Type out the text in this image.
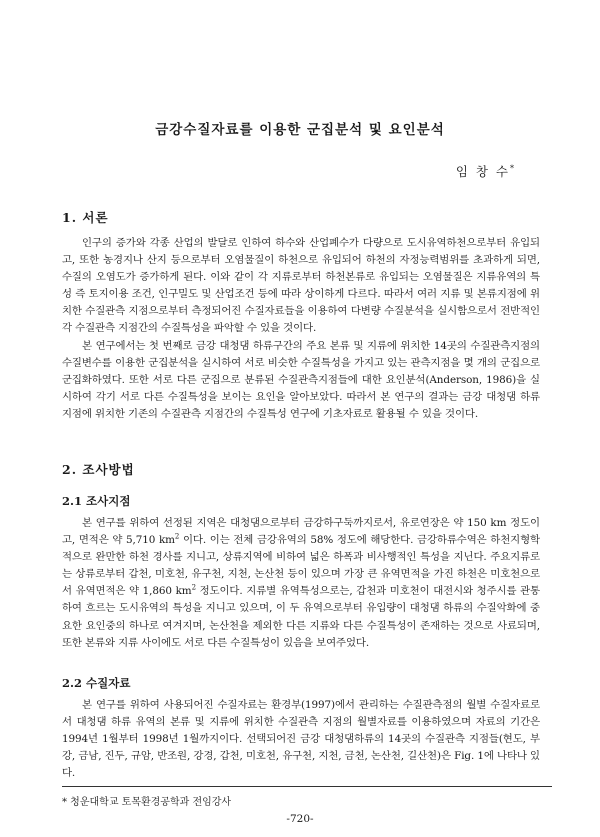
금강수질자료를 이용한 군집분석 및 요인분석
임 창 수*
1. 서론

인구의 증가와 각종 산업의 발달로 인하여 하수와 산업폐수가 다량으로 도시유역하천으로부터 유입되고, 또한 농경지나 산지 등으로부터 오염물질이 하천으로 유입되어 하천의 자정능력범위를 초과하게 되면, 수질의 오염도가 증가하게 된다. 이와 같이 각 지류로부터 하천본류로 유입되는 오염물질은 지류유역의 특성 즉 토지이용 조건, 인구밀도 및 산업조건 등에 따라 상이하게 다르다. 따라서 여러 지류 및 본류지점에 위치한 수질관측 지점으로부터 측정되어진 수질자료들을 이용하여 다변량 수질분석을 실시함으로서 전반적인 각 수질관측 지점간의 수질특성을 파악할 수 있을 것이다.

본 연구에서는 첫 번째로 금강 대청댐 하류구간의 주요 본류 및 지류에 위치한 14곳의 수질관측지점의 수질변수를 이용한 군집분석을 실시하여 서로 비슷한 수질특성을 가지고 있는 관측지점을 몇 개의 군집으로 군집화하였다. 또한 서로 다른 군집으로 분류된 수질관측지점들에 대한 요인분석(Anderson, 1986)을 실시하여 각기 서로 다른 수질특성을 보이는 요인을 알아보았다. 따라서 본 연구의 결과는 금강 대청댐 하류 지점에 위치한 기존의 수질관측 지점간의 수질특성 연구에 기초자료로 활용될 수 있을 것이다.

2. 조사방법
2.1 조사지점

본 연구를 위하여 선정된 지역은 대청댐으로부터 금강하구둑까지로서, 유로연장은 약 150 km 정도이고, 면적은 약 5,710 $km^2$ 이다. 이는 전체 금강유역의 58% 정도에 해당한다. 금강하류수역은 하천지형학적으로 완만한 하천 경사를 지니고, 상류지역에 비하여 넓은 하폭과 비사행적인 특성을 지닌다. 주요지류로는 상류로부터 갑천, 미호천, 유구천, 지천, 논산천 등이 있으며 가장 큰 유역면적을 가진 하천은 미호천으로서 유역면적은 약 1,860 $km^2$ 정도이다. 지류별 유역특성으로는, 갑천과 미호천이 대전시와 청주시를 관통하여 흐르는 도시유역의 특성을 지니고 있으며, 이 두 유역으로부터 유입량이 대청댐 하류의 수질악화에 중요한 요인중의 하나로 여겨지며, 논산천을 제외한 다른 지류와 다른 수질특성이 존재하는 것으로 사료되며, 또한 본류와 지류 사이에도 서로 다른 수질특성이 있음을 보여주었다.

2.2 수질자료

본 연구를 위하여 사용되어진 수질자료는 환경부(1997)에서 관리하는 수질관측점의 월별 수질자료로서 대청댐 하류 유역의 본류 및 지류에 위치한 수질관측 지점의 월별자료를 이용하였으며 자료의 기간은 1994년 1월부터 1998년 1월까지이다. 선택되어진 금강 대청댐하류의 14곳의 수질관측 지점들(현도, 부강, 금남, 진두, 규암, 반조원, 강경, 갑천, 미호천, 유구천, 지천, 금천, 논산천, 길산천)은 Fig. 1에 나타나 있다.

* 청운대학교 토목환경공학과 전임강사
-720-
